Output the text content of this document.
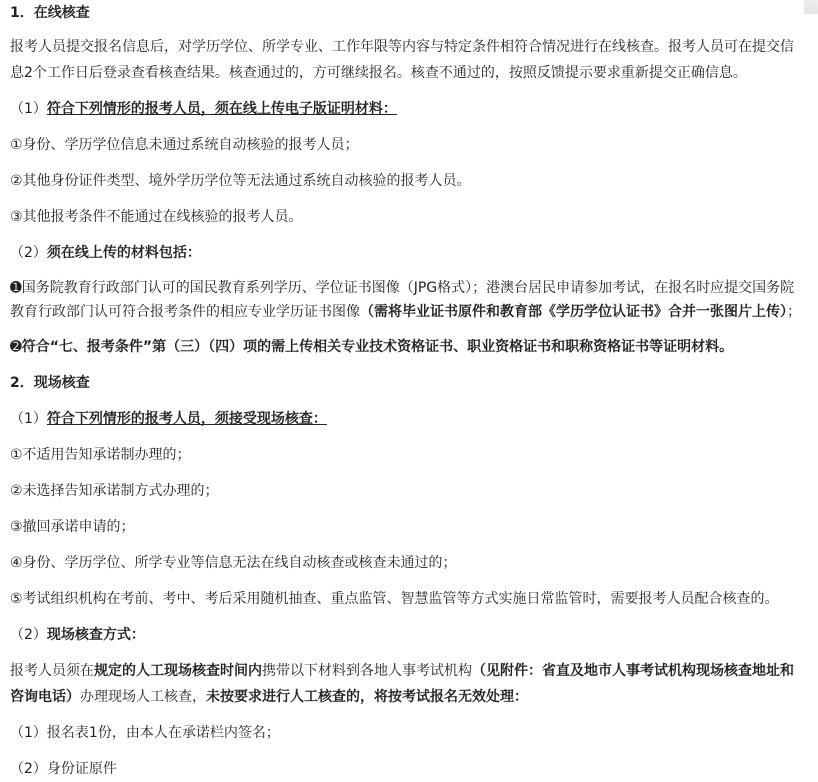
1．在线核查
报考人员提交报名信息后，对学历学位、所学专业、工作年限等内容与特定条件相符合情况进行在线核查。报考人员可在提交信息2个工作日后登录查看核查结果。核查通过的，方可继续报名。核查不通过的，按照反馈提示要求重新提交正确信息。
（1）符合下列情形的报考人员，须在线上传电子版证明材料：
①身份、学历学位信息未通过系统自动核验的报考人员；
②其他身份证件类型、境外学历学位等无法通过系统自动核验的报考人员。
③其他报考条件不能通过在线核验的报考人员。
（2）须在线上传的材料包括：
➊国务院教育行政部门认可的国民教育系列学历、学位证书图像（JPG格式）；港澳台居民申请参加考试，在报名时应提交国务院教育行政部门认可符合报考条件的相应专业学历证书图像（需将毕业证书原件和教育部《学历学位认证书》合并一张图片上传）；
➋符合“七、报考条件”第（三）（四）项的需上传相关专业技术资格证书、职业资格证书和职称资格证书等证明材料。
2．现场核查
（1）符合下列情形的报考人员，须接受现场核查：
①不适用告知承诺制办理的；
②未选择告知承诺制方式办理的；
③撤回承诺申请的；
④身份、学历学位、所学专业等信息无法在线自动核查或核查未通过的；
⑤考试组织机构在考前、考中、考后采用随机抽查、重点监管、智慧监管等方式实施日常监管时，需要报考人员配合核查的。
（2）现场核查方式：
报考人员须在规定的人工现场核查时间内携带以下材料到各地人事考试机构（见附件：省直及地市人事考试机构现场核查地址和咨询电话）办理现场人工核查，未按要求进行人工核查的，将按考试报名无效处理：
（1）报名表1份，由本人在承诺栏内签名；
（2）身份证原件
